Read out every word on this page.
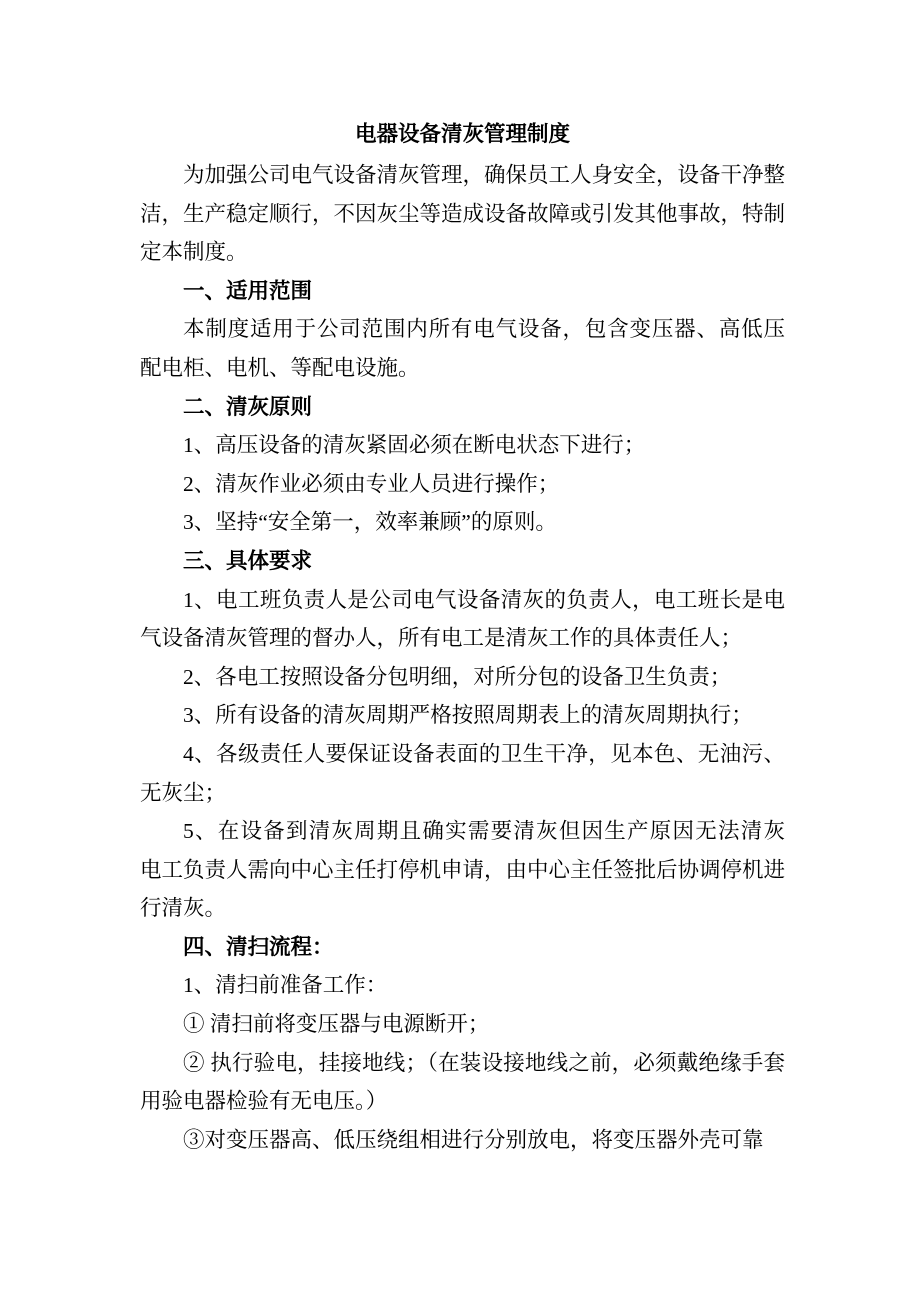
电器设备清灰管理制度
为加强公司电气设备清灰管理，确保员工人身安全，设备干净整
洁，生产稳定顺行，不因灰尘等造成设备故障或引发其他事故，特制
定本制度。
一、适用范围
本制度适用于公司范围内所有电气设备，包含变压器、高低压
配电柜、电机、等配电设施。
二、清灰原则
1、高压设备的清灰紧固必须在断电状态下进行；
2、清灰作业必须由专业人员进行操作；
3、坚持“安全第一，效率兼顾”的原则。
三、具体要求
1、电工班负责人是公司电气设备清灰的负责人，电工班长是电
气设备清灰管理的督办人，所有电工是清灰工作的具体责任人；
2、各电工按照设备分包明细，对所分包的设备卫生负责；
3、所有设备的清灰周期严格按照周期表上的清灰周期执行；
4、各级责任人要保证设备表面的卫生干净，见本色、无油污、
无灰尘；
5、在设备到清灰周期且确实需要清灰但因生产原因无法清灰
电工负责人需向中心主任打停机申请，由中心主任签批后协调停机进
行清灰。
四、清扫流程：
1、清扫前准备工作：
① 清扫前将变压器与电源断开；
② 执行验电，挂接地线；（在装设接地线之前，必须戴绝缘手套
用验电器检验有无电压。）
③对变压器高、低压绕组相进行分别放电，将变压器外壳可靠
